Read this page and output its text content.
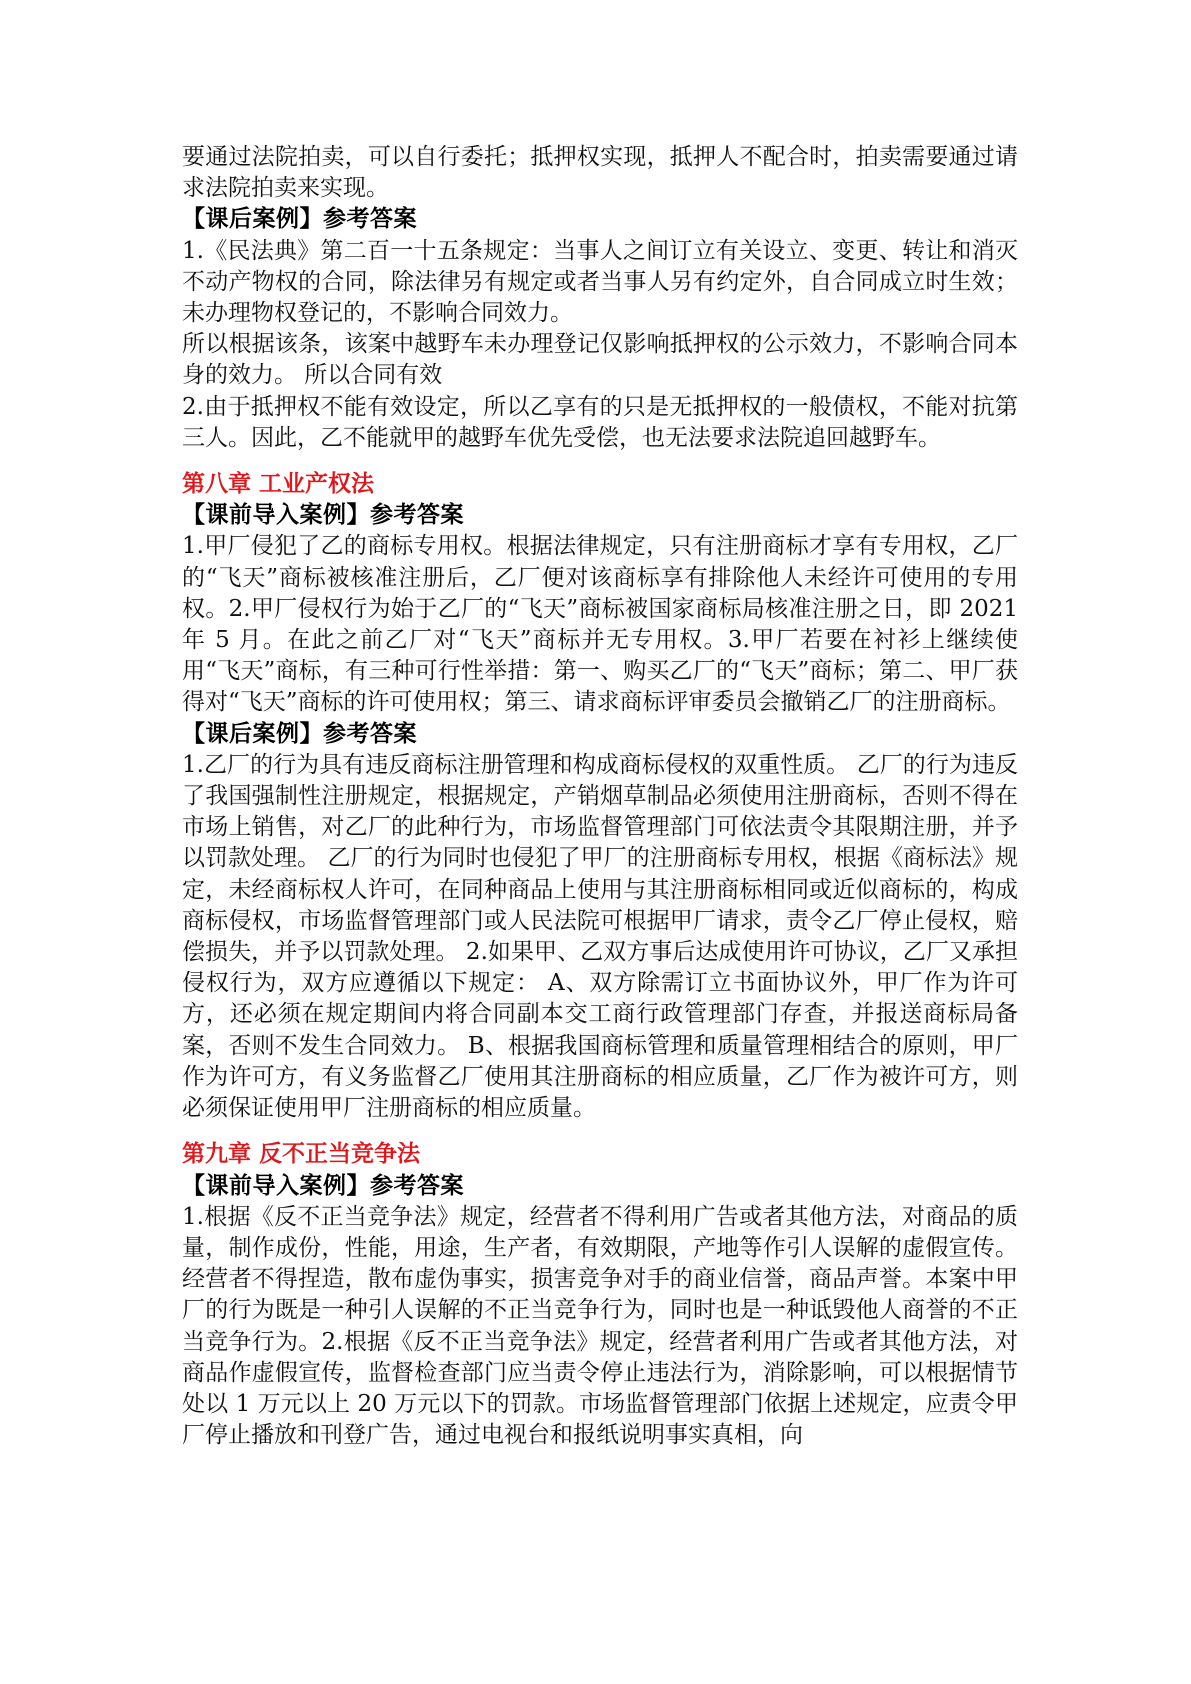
要通过法院拍卖，可以自行委托；抵押权实现，抵押人不配合时，拍卖需要通过请求法院拍卖来实现。

【课后案例】参考答案

1.《民法典》第二百一十五条规定：当事人之间订立有关设立、变更、转让和消灭不动产物权的合同，除法律另有规定或者当事人另有约定外，自合同成立时生效；未办理物权登记的，不影响合同效力。

所以根据该条，该案中越野车未办理登记仅影响抵押权的公示效力，不影响合同本身的效力。 所以合同有效

2.由于抵押权不能有效设定，所以乙享有的只是无抵押权的一般债权，不能对抗第三人。因此，乙不能就甲的越野车优先受偿，也无法要求法院追回越野车。

第八章 工业产权法

【课前导入案例】参考答案

1.甲厂侵犯了乙的商标专用权。根据法律规定，只有注册商标才享有专用权，乙厂的“飞天”商标被核准注册后，乙厂便对该商标享有排除他人未经许可使用的专用权。2.甲厂侵权行为始于乙厂的“飞天”商标被国家商标局核准注册之日，即 2021 年 5 月。在此之前乙厂对“飞天”商标并无专用权。3.甲厂若要在衬衫上继续使用“飞天”商标，有三种可行性举措：第一、购买乙厂的“飞天”商标；第二、甲厂获得对“飞天”商标的许可使用权；第三、请求商标评审委员会撤销乙厂的注册商标。

【课后案例】参考答案

1.乙厂的行为具有违反商标注册管理和构成商标侵权的双重性质。 乙厂的行为违反了我国强制性注册规定，根据规定，产销烟草制品必须使用注册商标，否则不得在市场上销售，对乙厂的此种行为，市场监督管理部门可依法责令其限期注册，并予以罚款处理。 乙厂的行为同时也侵犯了甲厂的注册商标专用权，根据《商标法》规定，未经商标权人许可，在同种商品上使用与其注册商标相同或近似商标的，构成商标侵权，市场监督管理部门或人民法院可根据甲厂请求，责令乙厂停止侵权，赔偿损失，并予以罚款处理。 2.如果甲、乙双方事后达成使用许可协议，乙厂又承担侵权行为，双方应遵循以下规定： A、双方除需订立书面协议外，甲厂作为许可方，还必须在规定期间内将合同副本交工商行政管理部门存查，并报送商标局备案，否则不发生合同效力。 B、根据我国商标管理和质量管理相结合的原则，甲厂作为许可方，有义务监督乙厂使用其注册商标的相应质量，乙厂作为被许可方，则必须保证使用甲厂注册商标的相应质量。

第九章 反不正当竞争法

【课前导入案例】参考答案

1.根据《反不正当竞争法》规定，经营者不得利用广告或者其他方法，对商品的质量，制作成份，性能，用途，生产者，有效期限，产地等作引人误解的虚假宣传。经营者不得捏造，散布虚伪事实，损害竞争对手的商业信誉，商品声誉。本案中甲厂的行为既是一种引人误解的不正当竞争行为，同时也是一种诋毁他人商誉的不正当竞争行为。2.根据《反不正当竞争法》规定，经营者利用广告或者其他方法，对商品作虚假宣传，监督检查部门应当责令停止违法行为，消除影响，可以根据情节处以 1 万元以上 20 万元以下的罚款。市场监督管理部门依据上述规定，应责令甲厂停止播放和刊登广告，通过电视台和报纸说明事实真相，向
